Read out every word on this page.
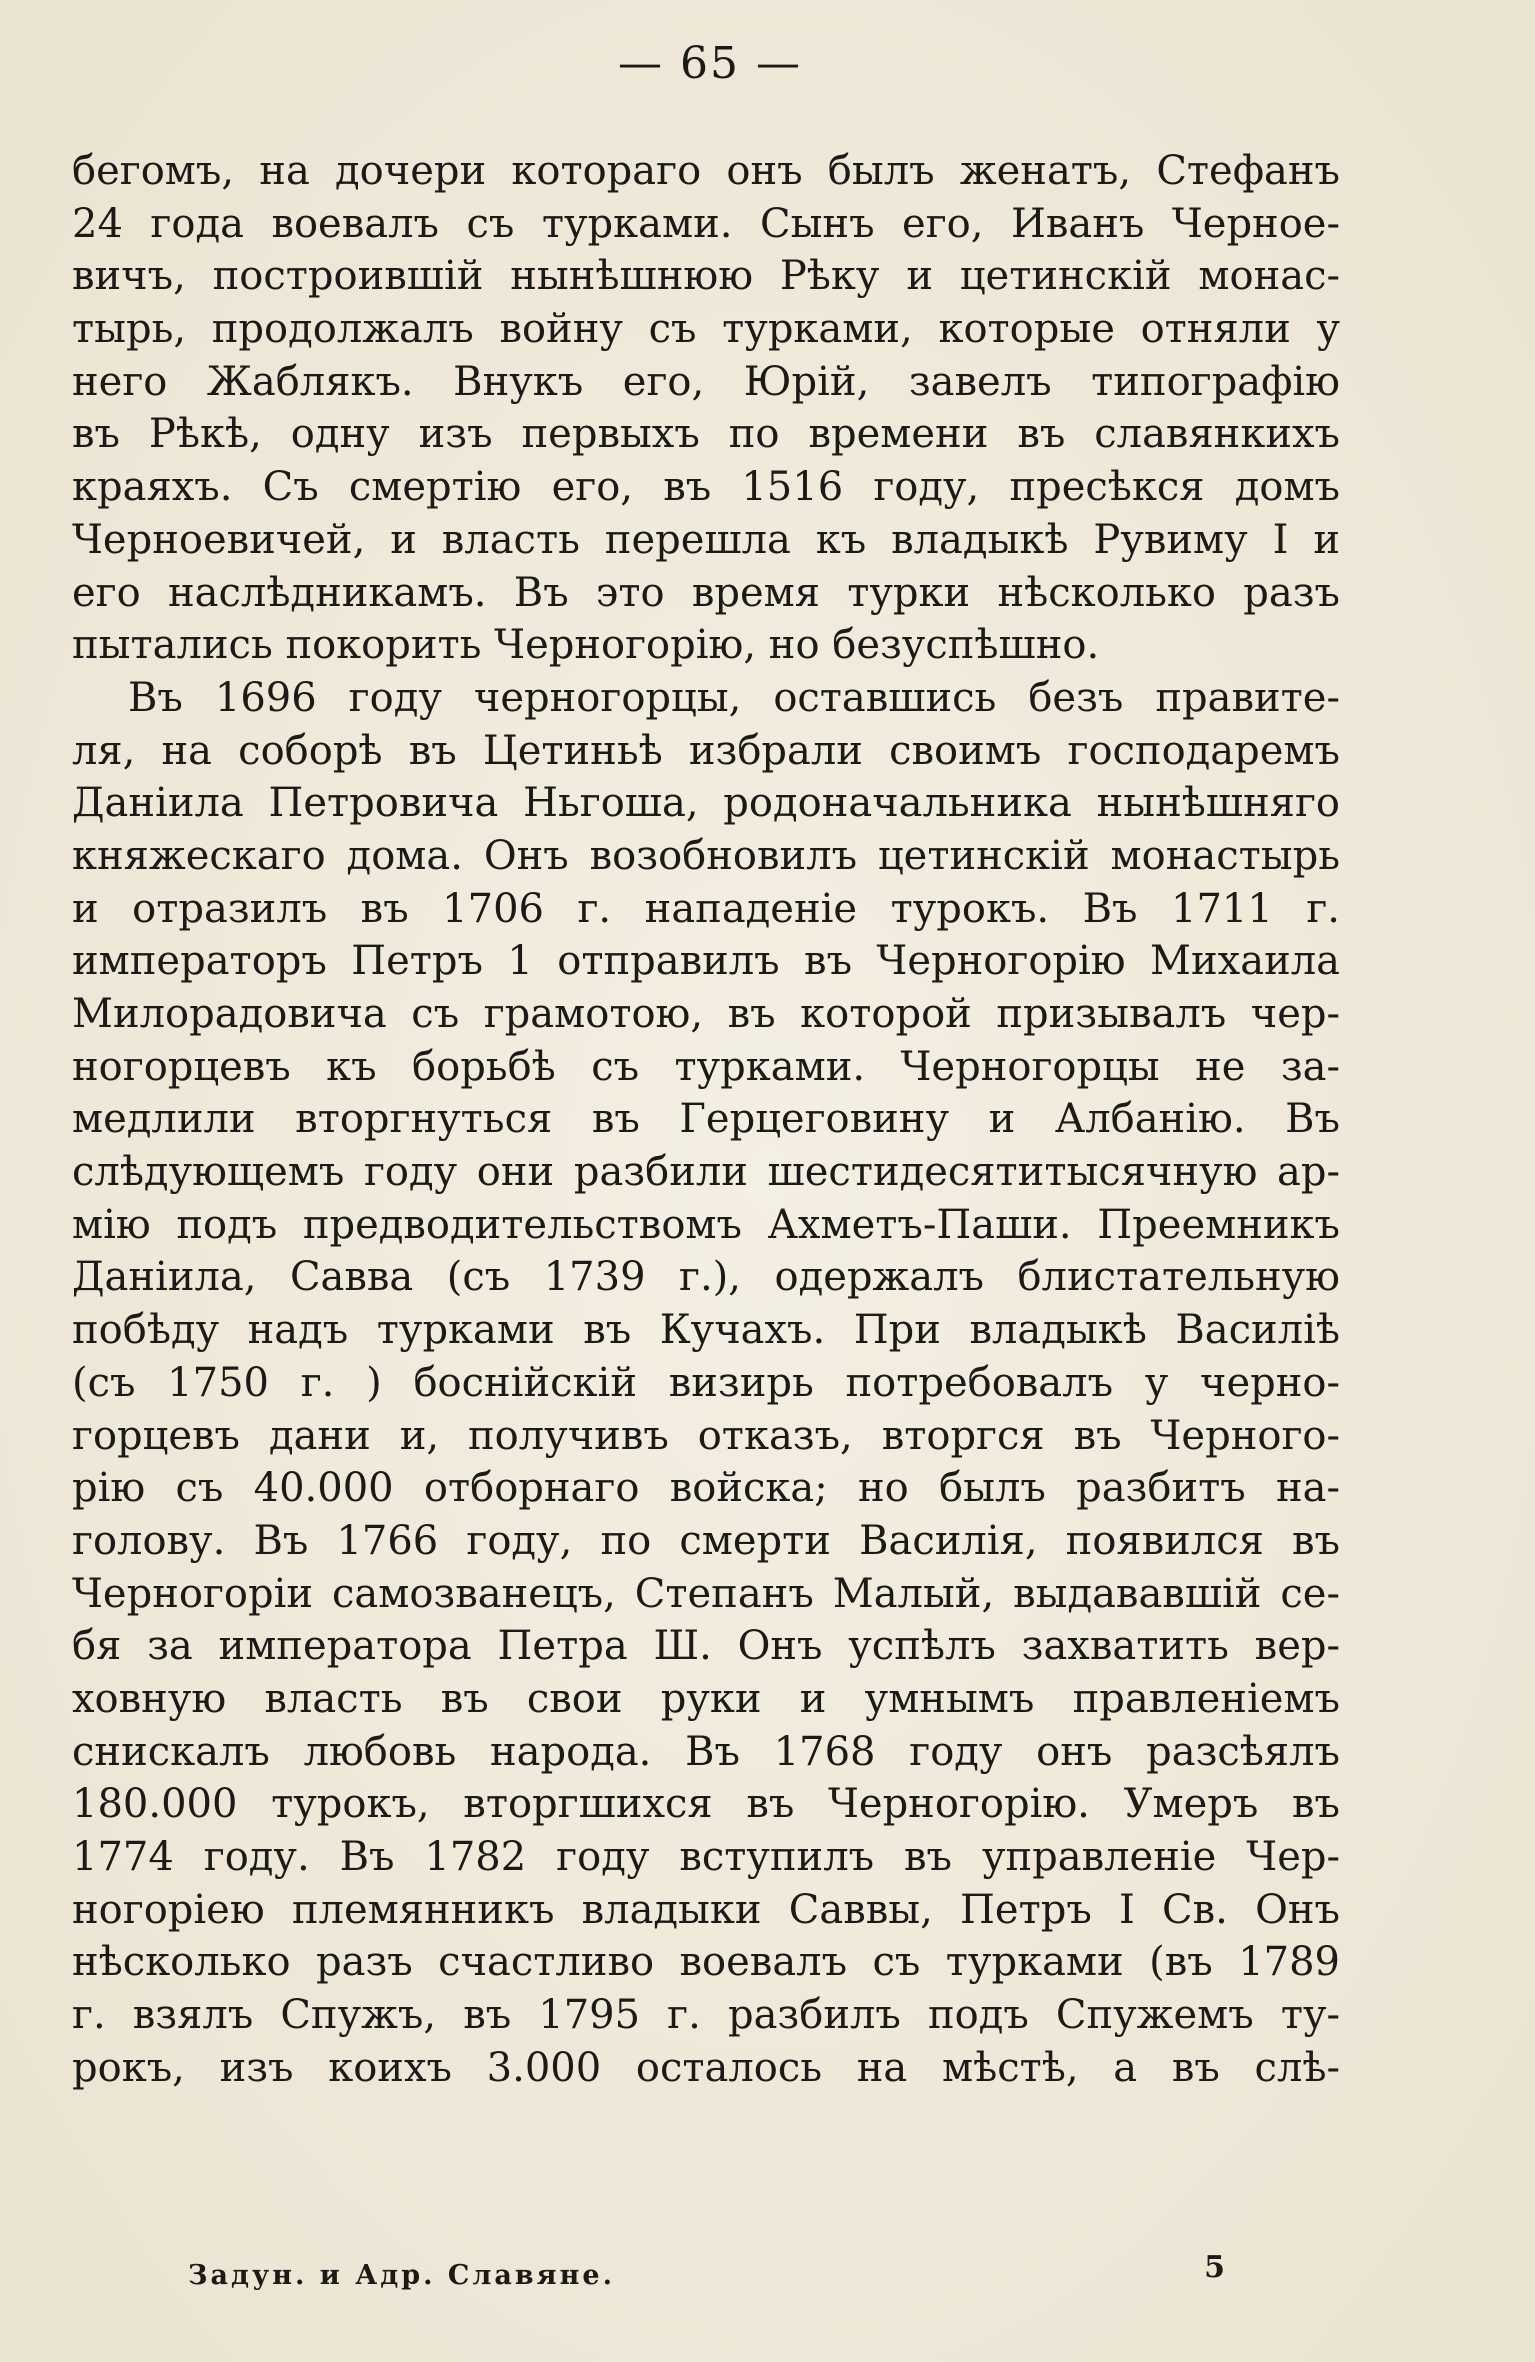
— 65 —
бегомъ, на дочери котораго онъ былъ женатъ, Стефанъ
24 года воевалъ съ турками. Сынъ его, Иванъ Черное-
вичъ, построившій нынѣшнюю Рѣку и цетинскій монас-
тырь, продолжалъ войну съ турками, которые отняли у
него Жаблякъ. Внукъ его, Юрій, завелъ типографію
въ Рѣкѣ, одну изъ первыхъ по времени въ славянкихъ
краяхъ. Съ смертію его, въ 1516 году, пресѣкся домъ
Черноевичей, и власть перешла къ владыкѣ Рувиму I и
его наслѣдникамъ. Въ это время турки нѣсколько разъ
пытались покорить Черногорію, но безуспѣшно.
Въ 1696 году черногорцы, оставшись безъ правите-
ля, на соборѣ въ Цетиньѣ избрали своимъ господаремъ
Даніила Петровича Ньгоша, родоначальника нынѣшняго
княжескаго дома. Онъ возобновилъ цетинскій монастырь
и отразилъ въ 1706 г. нападеніе турокъ. Въ 1711 г.
императоръ Петръ 1 отправилъ въ Черногорію Михаила
Милорадовича съ грамотою, въ которой призывалъ чер-
ногорцевъ къ борьбѣ съ турками. Черногорцы не за-
медлили вторгнуться въ Герцеговину и Албанію. Въ
слѣдующемъ году они разбили шестидесятитысячную ар-
мію подъ предводительствомъ Ахметъ-Паши. Преемникъ
Даніила, Савва (съ 1739 г.), одержалъ блистательную
побѣду надъ турками въ Кучахъ. При владыкѣ Василіѣ
(съ 1750 г. ) боснійскій визирь потребовалъ у черно-
горцевъ дани и, получивъ отказъ, вторгся въ Черного-
рію съ 40.000 отборнаго войска; но былъ разбитъ на-
голову. Въ 1766 году, по смерти Василія, появился въ
Черногоріи самозванецъ, Степанъ Малый, выдававшій се-
бя за императора Петра Ш. Онъ успѣлъ захватить вер-
ховную власть въ свои руки и умнымъ правленіемъ
снискалъ любовь народа. Въ 1768 году онъ разсѣялъ
180.000 турокъ, вторгшихся въ Черногорію. Умеръ въ
1774 году. Въ 1782 году вступилъ въ управленіе Чер-
ногоріею племянникъ владыки Саввы, Петръ I Св. Онъ
нѣсколько разъ счастливо воевалъ съ турками (въ 1789
г. взялъ Спужъ, въ 1795 г. разбилъ подъ Спужемъ ту-
рокъ, изъ коихъ 3.000 осталось на мѣстѣ, а въ слѣ-
Задун. и Адр. Славяне.	5
